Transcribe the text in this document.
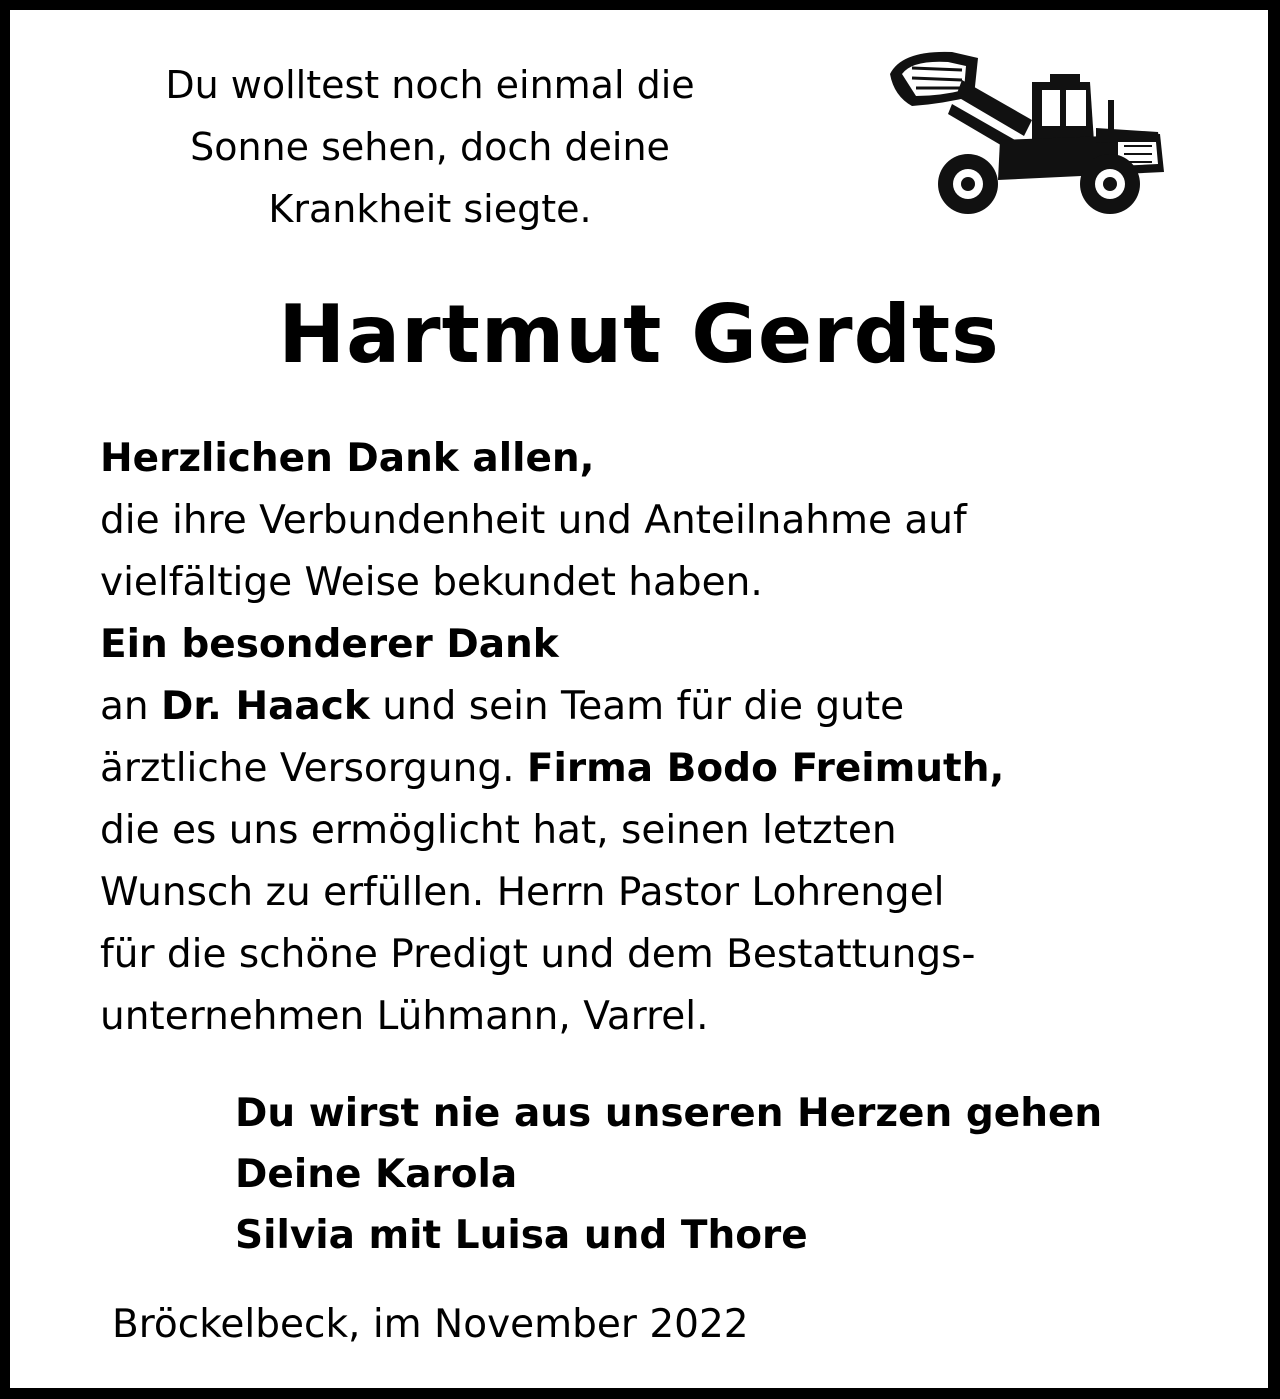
Du wolltest noch einmal die
Sonne sehen, doch deine
Krankheit siegte.
Hartmut Gerdts
Herzlichen Dank allen,
die ihre Verbundenheit und Anteilnahme auf
vielfältige Weise bekundet haben.
Ein besonderer Dank
an Dr. Haack und sein Team für die gute
ärztliche Versorgung. Firma Bodo Freimuth,
die es uns ermöglicht hat, seinen letzten
Wunsch zu erfüllen. Herrn Pastor Lohrengel
für die schöne Predigt und dem Bestattungs-
unternehmen Lühmann, Varrel.
Du wirst nie aus unseren Herzen gehen
Deine Karola
Silvia mit Luisa und Thore
Bröckelbeck, im November 2022
